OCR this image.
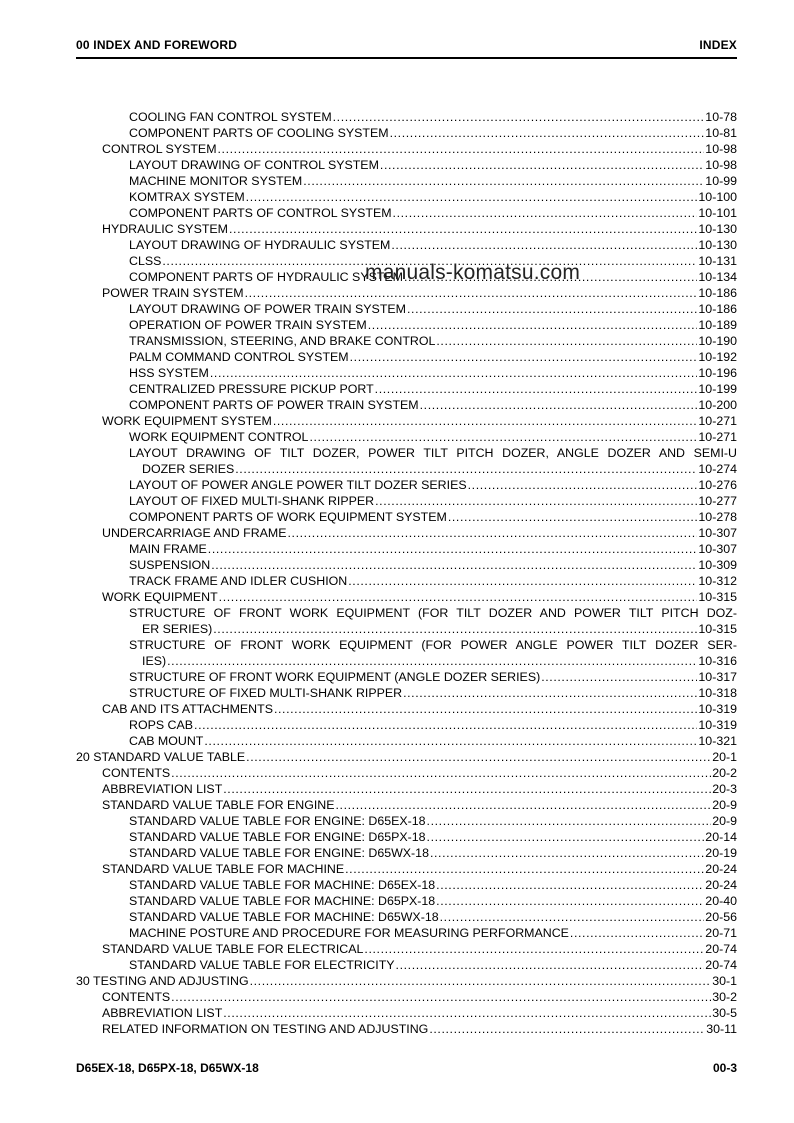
00 INDEX AND FOREWORD	INDEX
COOLING FAN CONTROL SYSTEM .....	10-78
COMPONENT PARTS OF COOLING SYSTEM .....	10-81
CONTROL SYSTEM .....	10-98
LAYOUT DRAWING OF CONTROL SYSTEM .....	10-98
MACHINE MONITOR SYSTEM .....	10-99
KOMTRAX SYSTEM .....	10-100
COMPONENT PARTS OF CONTROL SYSTEM .....	10-101
HYDRAULIC SYSTEM .....	10-130
LAYOUT DRAWING OF HYDRAULIC SYSTEM .....	10-130
CLSS .....	10-131
COMPONENT PARTS OF HYDRAULIC SYSTEM .....	10-134
POWER TRAIN SYSTEM .....	10-186
LAYOUT DRAWING OF POWER TRAIN SYSTEM .....	10-186
OPERATION OF POWER TRAIN SYSTEM .....	10-189
TRANSMISSION, STEERING, AND BRAKE CONTROL .....	10-190
PALM COMMAND CONTROL SYSTEM .....	10-192
HSS SYSTEM .....	10-196
CENTRALIZED PRESSURE PICKUP PORT .....	10-199
COMPONENT PARTS OF POWER TRAIN SYSTEM .....	10-200
WORK EQUIPMENT SYSTEM .....	10-271
WORK EQUIPMENT CONTROL .....	10-271
LAYOUT DRAWING OF TILT DOZER, POWER TILT PITCH DOZER, ANGLE DOZER AND SEMI-U
DOZER SERIES .....	10-274
LAYOUT OF POWER ANGLE POWER TILT DOZER SERIES .....	10-276
LAYOUT OF FIXED MULTI-SHANK RIPPER .....	10-277
COMPONENT PARTS OF WORK EQUIPMENT SYSTEM .....	10-278
UNDERCARRIAGE AND FRAME .....	10-307
MAIN FRAME .....	10-307
SUSPENSION .....	10-309
TRACK FRAME AND IDLER CUSHION .....	10-312
WORK EQUIPMENT .....	10-315
STRUCTURE OF FRONT WORK EQUIPMENT (FOR TILT DOZER AND POWER TILT PITCH DOZ-
ER SERIES) .....	10-315
STRUCTURE OF FRONT WORK EQUIPMENT (FOR POWER ANGLE POWER TILT DOZER SER-
IES) .....	10-316
STRUCTURE OF FRONT WORK EQUIPMENT (ANGLE DOZER SERIES) .....	10-317
STRUCTURE OF FIXED MULTI-SHANK RIPPER .....	10-318
CAB AND ITS ATTACHMENTS .....	10-319
ROPS CAB .....	10-319
CAB MOUNT .....	10-321
20 STANDARD VALUE TABLE .....	20-1
CONTENTS .....	20-2
ABBREVIATION LIST .....	20-3
STANDARD VALUE TABLE FOR ENGINE .....	20-9
STANDARD VALUE TABLE FOR ENGINE: D65EX-18 .....	20-9
STANDARD VALUE TABLE FOR ENGINE: D65PX-18 .....	20-14
STANDARD VALUE TABLE FOR ENGINE: D65WX-18 .....	20-19
STANDARD VALUE TABLE FOR MACHINE .....	20-24
STANDARD VALUE TABLE FOR MACHINE: D65EX-18 .....	20-24
STANDARD VALUE TABLE FOR MACHINE: D65PX-18 .....	20-40
STANDARD VALUE TABLE FOR MACHINE: D65WX-18 .....	20-56
MACHINE POSTURE AND PROCEDURE FOR MEASURING PERFORMANCE .....	20-71
STANDARD VALUE TABLE FOR ELECTRICAL .....	20-74
STANDARD VALUE TABLE FOR ELECTRICITY .....	20-74
30 TESTING AND ADJUSTING .....	30-1
CONTENTS .....	30-2
ABBREVIATION LIST .....	30-5
RELATED INFORMATION ON TESTING AND ADJUSTING .....	30-11
manuals-komatsu.com
D65EX-18, D65PX-18, D65WX-18	00-3
